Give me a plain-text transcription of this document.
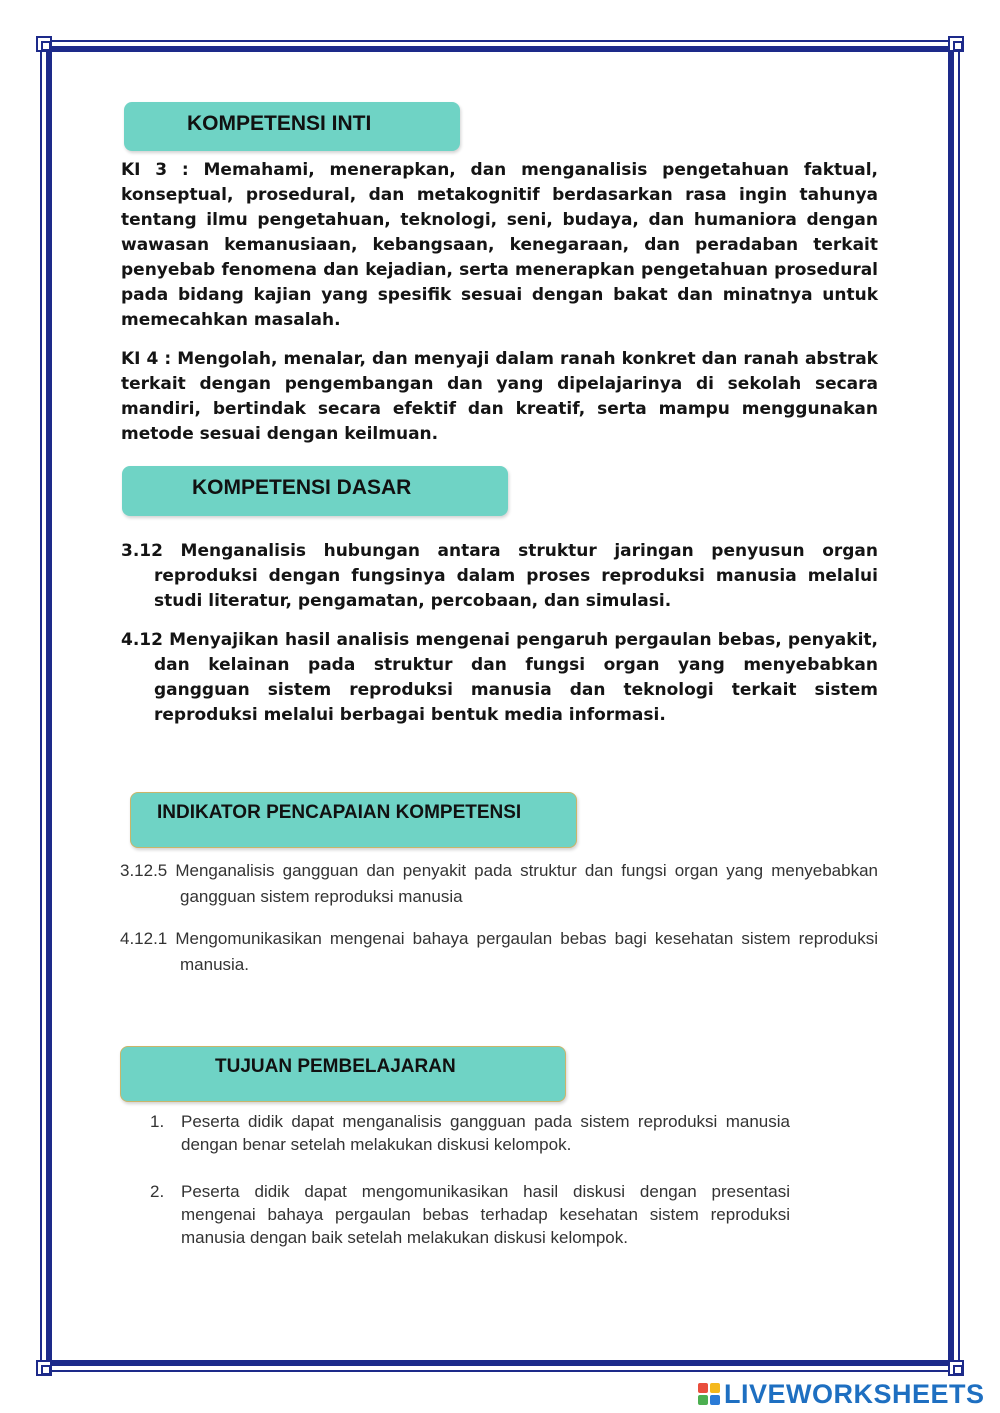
KOMPETENSI INTI

KI 3 : Memahami, menerapkan, dan menganalisis pengetahuan faktual, konseptual, prosedural, dan metakognitif berdasarkan rasa ingin tahunya tentang ilmu pengetahuan, teknologi, seni, budaya, dan humaniora dengan wawasan kemanusiaan, kebangsaan, kenegaraan, dan peradaban terkait penyebab fenomena dan kejadian, serta menerapkan pengetahuan prosedural pada bidang kajian yang spesifik sesuai dengan bakat dan minatnya untuk memecahkan masalah.

KI 4 : Mengolah, menalar, dan menyaji dalam ranah konkret dan ranah abstrak terkait dengan pengembangan dan yang dipelajarinya di sekolah secara mandiri, bertindak secara efektif dan kreatif, serta mampu menggunakan metode sesuai dengan keilmuan.

KOMPETENSI DASAR

3.12 Menganalisis hubungan antara struktur jaringan penyusun organ reproduksi dengan fungsinya dalam proses reproduksi manusia melalui studi literatur, pengamatan, percobaan, dan simulasi.

4.12 Menyajikan hasil analisis mengenai pengaruh pergaulan bebas, penyakit, dan kelainan pada struktur dan fungsi organ yang menyebabkan gangguan sistem reproduksi manusia dan teknologi terkait sistem reproduksi melalui berbagai bentuk media informasi.

INDIKATOR PENCAPAIAN KOMPETENSI

3.12.5 Menganalisis gangguan dan penyakit pada struktur dan fungsi organ yang menyebabkan gangguan sistem reproduksi manusia

4.12.1 Mengomunikasikan mengenai bahaya pergaulan bebas bagi kesehatan sistem reproduksi manusia.

TUJUAN PEMBELAJARAN

1. Peserta didik dapat menganalisis gangguan pada sistem reproduksi manusia dengan benar setelah melakukan diskusi kelompok.

2. Peserta didik dapat mengomunikasikan hasil diskusi dengan presentasi mengenai bahaya pergaulan bebas terhadap kesehatan sistem reproduksi manusia dengan baik setelah melakukan diskusi kelompok.

LIVEWORKSHEETS
